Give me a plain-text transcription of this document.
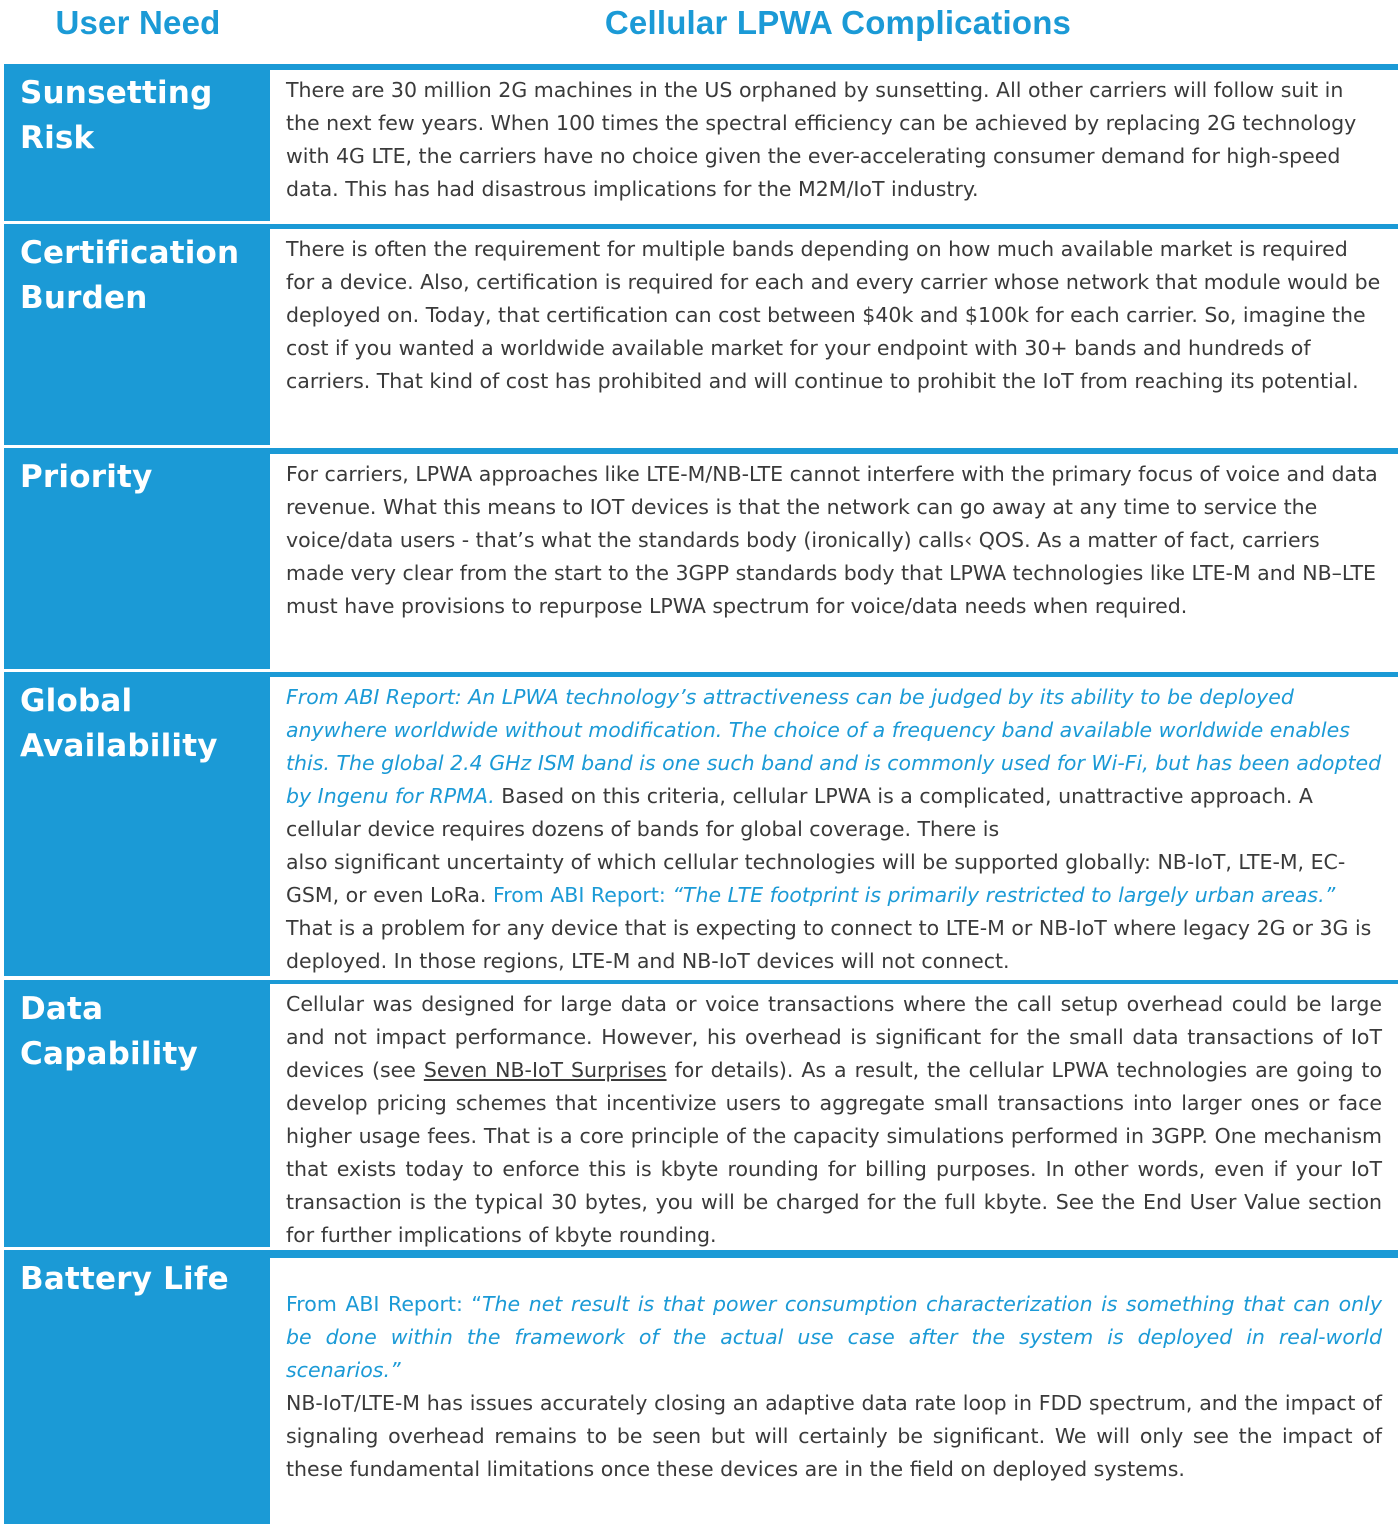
User Need	Cellular LPWA Complications
Sunsetting
Risk
There are 30 million 2G machines in the US orphaned by sunsetting. All other carriers will follow suit in the next few years. When 100 times the spectral efficiency can be achieved by replacing 2G technology with 4G LTE, the carriers have no choice given the ever-accelerating consumer demand for high-speed data. This has had disastrous implications for the M2M/IoT industry.
Certification
Burden
There is often the requirement for multiple bands depending on how much available market is required for a device. Also, certification is required for each and every carrier whose network that module would be deployed on. Today, that certification can cost between $40k and $100k for each carrier. So, imagine the cost if you wanted a worldwide available market for your endpoint with 30+ bands and hundreds of carriers. That kind of cost has prohibited and will continue to prohibit the IoT from reaching its potential.
Priority	For carriers, LPWA approaches like LTE-M/NB-LTE cannot interfere with the primary focus of voice and data revenue. What this means to IOT devices is that the network can go away at any time to service the voice/data users - that’s what the standards body (ironically) calls‹ QOS. As a matter of fact, carriers made very clear from the start to the 3GPP standards body that LPWA technologies like LTE-M and NB–LTE must have provisions to repurpose LPWA spectrum for voice/data needs when required.
Global
Availability
From ABI Report: An LPWA technology’s attractiveness can be judged by its ability to be deployed anywhere worldwide without modification. The choice of a frequency band available worldwide enables this. The global 2.4 GHz ISM band is one such band and is commonly used for Wi-Fi, but has been adopted by Ingenu for RPMA. Based on this criteria, cellular LPWA is a complicated, unattractive approach. A cellular device requires dozens of bands for global coverage. There is
also significant uncertainty of which cellular technologies will be supported globally: NB-IoT, LTE-M, EC-GSM, or even LoRa. From ABI Report: “The LTE footprint is primarily restricted to largely urban areas.” That is a problem for any device that is expecting to connect to LTE-M or NB-IoT where legacy 2G or 3G is deployed. In those regions, LTE-M and NB-IoT devices will not connect.
Data
Capability
Cellular was designed for large data or voice transactions where the call setup overhead could be large and not impact performance. However, his overhead is significant for the small data transactions of IoT devices (see Seven NB-IoT Surprises for details). As a result, the cellular LPWA technologies are going to develop pricing schemes that incentivize users to aggregate small transactions into larger ones or face higher usage fees. That is a core principle of the capacity simulations performed in 3GPP. One mechanism that exists today to enforce this is kbyte rounding for billing purposes. In other words, even if your IoT transaction is the typical 30 bytes, you will be charged for the full kbyte. See the End User Value section for further implications of kbyte rounding.
Battery Life
From ABI Report: “The net result is that power consumption characterization is something that can only be done within the framework of the actual use case after the system is deployed in real-world scenarios.”
NB-IoT/LTE-M has issues accurately closing an adaptive data rate loop in FDD spectrum, and the impact of signaling overhead remains to be seen but will certainly be significant. We will only see the impact of these fundamental limitations once these devices are in the field on deployed systems.
